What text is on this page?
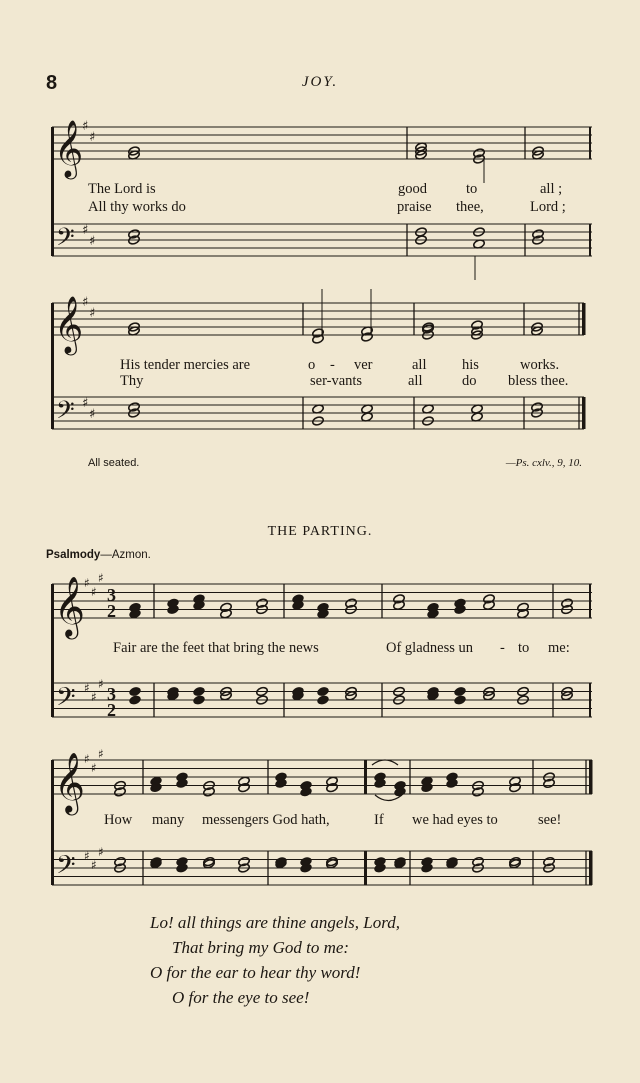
8	JOY.
𝄞
𝄢
♯
♯
♯
♯
𝄞
𝄢
♯
♯
♯
♯
𝄞
𝄢
♯
♯
♯
♯
♯
♯
3
2
3
2
𝄞
𝄢
♯
♯
♯
♯
♯
♯
The Lord is	good	to	all ;
All thy works do	praise thee,	Lord ;
His tender mercies are	o - ver	all his	works.
Thy	ser-vants	all	do bless thee.
All seated.	—Ps. cxlv., 9, 10.
THE PARTING.
Psalmody—Azmon.
Fair are the feet that bring the news	Of gladness un - to me:
How many messengers God hath,	If we had eyes to	see!
Lo! all things are thine angels, Lord,
That bring my God to me:
O for the ear to hear thy word!
O for the eye to see!
